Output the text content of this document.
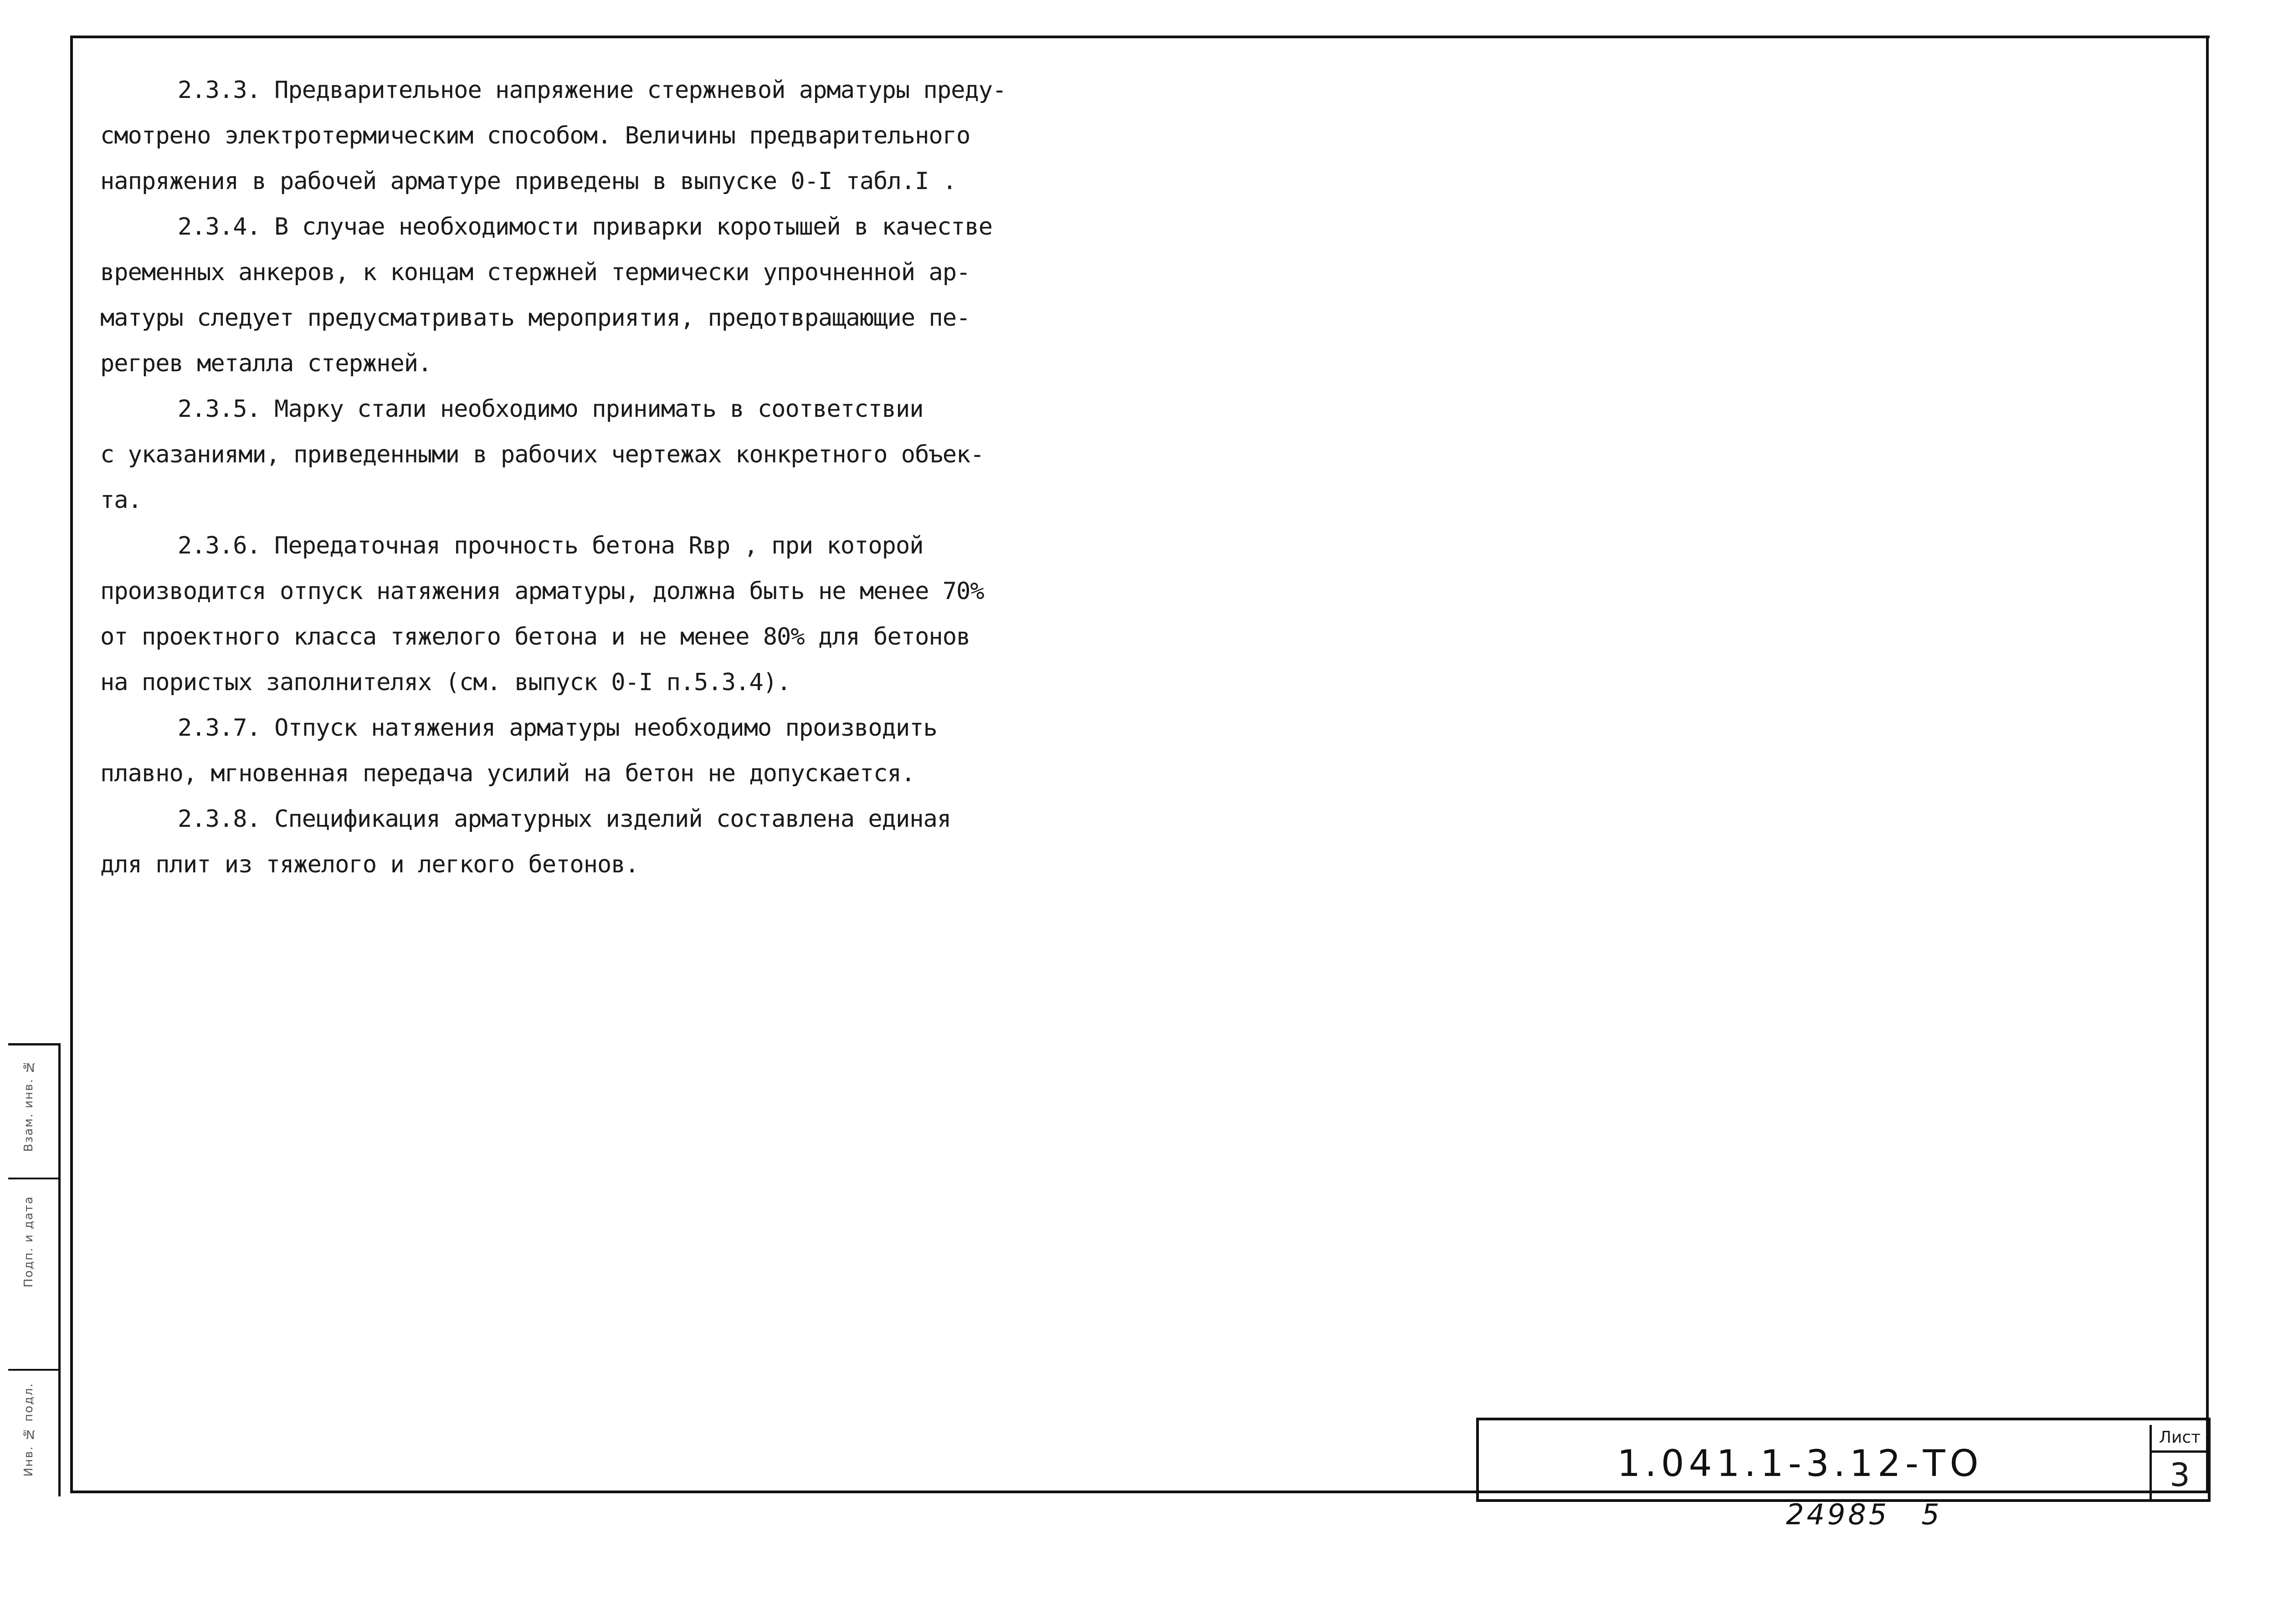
Взам. инв. №
Подп. и дата
Инв. № подл.

2.3.3. Предварительное напряжение стержневой арматуры преду-
смотрено электротермическим способом. Величины предварительного
напряжения в рабочей арматуре приведены в выпуске 0-I табл.I .

2.3.4. В случае необходимости приварки коротышей в качестве
временных анкеров, к концам стержней термически упрочненной ар-
матуры следует предусматривать мероприятия, предотвращающие пе-
регрев металла стержней.

2.3.5. Марку стали необходимо принимать в соответствии
с указаниями, приведенными в рабочих чертежах конкретного объек-
та.

2.3.6. Передаточная прочность бетона Rвр , при которой
производится отпуск натяжения арматуры, должна быть не менее 70%
от проектного класса тяжелого бетона и не менее 80% для бетонов
на пористых заполнителях (см. выпуск 0-I п.5.3.4).

2.3.7. Отпуск натяжения арматуры необходимо производить
плавно, мгновенная передача усилий на бетон не допускается.

2.3.8. Спецификация арматурных изделий составлена единая
для плит из тяжелого и легкого бетонов.

1.041.1-3.12-ТО
Лист
3
24985 5
